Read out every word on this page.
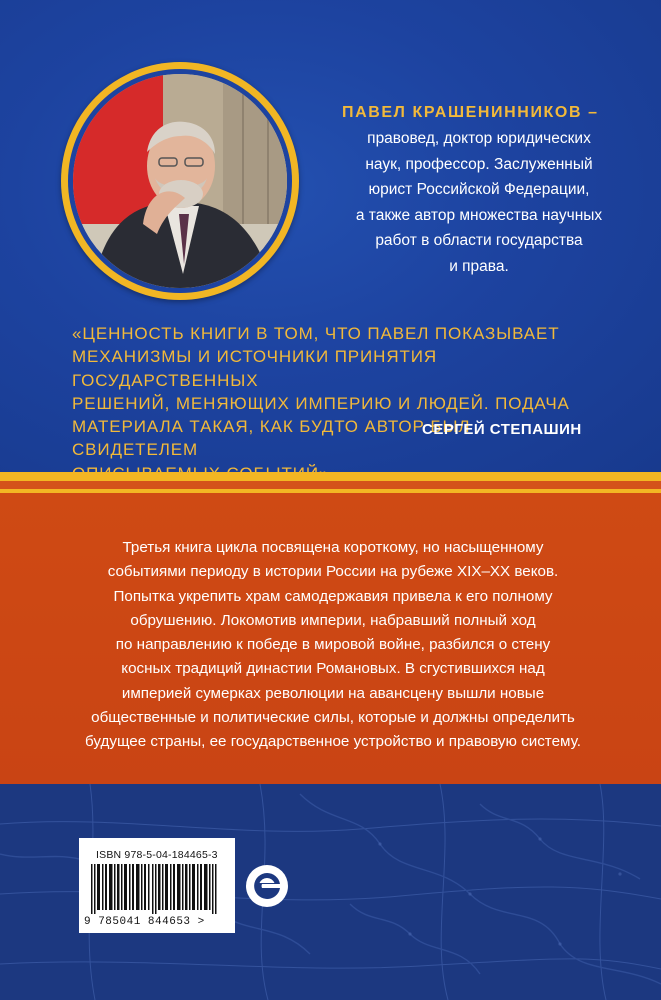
ПАВЕЛ КРАШЕНИННИКОВ –
правовед, доктор юридических
наук, профессор. Заслуженный
юрист Российской Федерации,
а также автор множества научных
работ в области государства
и права.
«ЦЕННОСТЬ КНИГИ В ТОМ, ЧТО ПАВЕЛ ПОКАЗЫВАЕТ
МЕХАНИЗМЫ И ИСТОЧНИКИ ПРИНЯТИЯ ГОСУДАРСТВЕННЫХ
РЕШЕНИЙ, МЕНЯЮЩИХ ИМПЕРИЮ И ЛЮДЕЙ. ПОДАЧА
МАТЕРИАЛА ТАКАЯ, КАК БУДТО АВТОР БЫЛ СВИДЕТЕЛЕМ
СЕРГЕЙ СТЕПАШИН
Третья книга цикла посвящена короткому, но насыщенному
событиями периоду в истории России на рубеже XIX–XX веков.
Попытка укрепить храм самодержавия привела к его полному
обрушению. Локомотив империи, набравший полный ход
по направлению к победе в мировой войне, разбился о стену
косных традиций династии Романовых. В сгустившихся над
империей сумерках революции на авансцену вышли новые
общественные и политические силы, которые и должны определить
будущее страны, ее государственное устройство и правовую систему.
ISBN 978-5-04-184465-3
9 785041 844653 >
